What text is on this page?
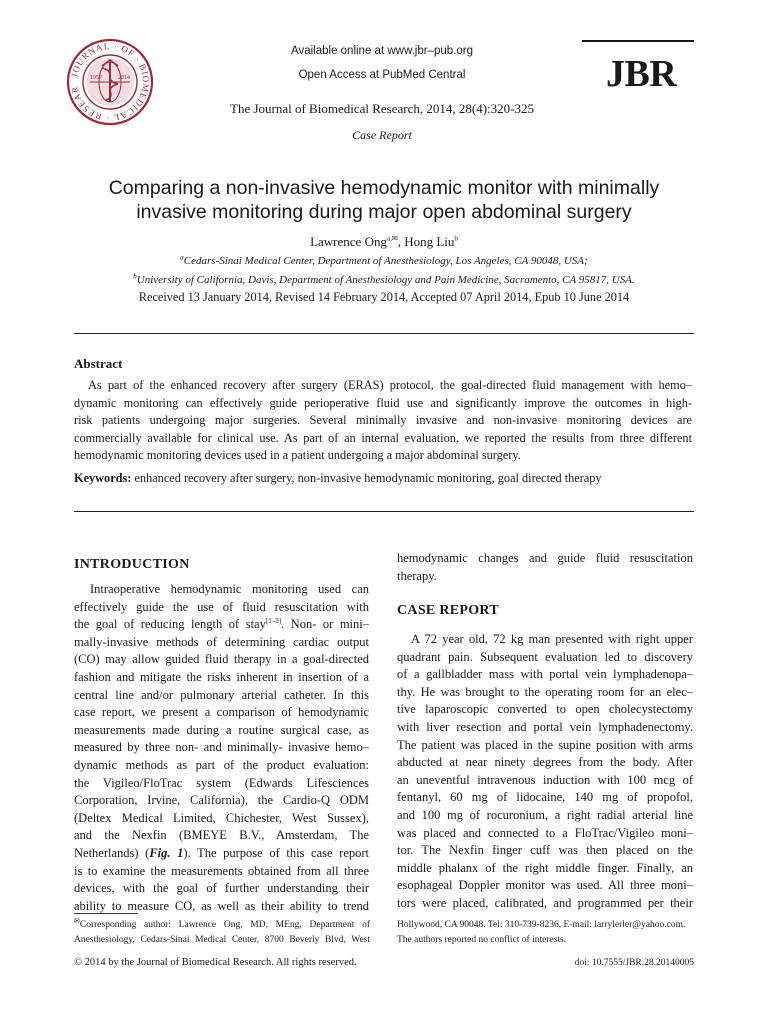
JOURNAL · OF · BIOMEDICAL · RESEAR
1957	2014
Available online at www.jbr–pub.org
Open Access at PubMed Central
The Journal of Biomedical Research, 2014, 28(4):320-325
Case Report
JBR
Comparing a non-invasive hemodynamic monitor with minimally
invasive monitoring during major open abdominal surgery
Lawrence Ong$^{a,✉}$, Hong Liu$^b$
$^a$Cedars-Sinai Medical Center, Department of Anesthesiology, Los Angeles, CA 90048, USA;
$^b$University of California, Davis, Department of Anesthesiology and Pain Medicine, Sacramento, CA 95817, USA.
Received 13 January 2014, Revised 14 February 2014, Accepted 07 April 2014, Epub 10 June 2014
Abstract
As part of the enhanced recovery after surgery (ERAS) protocol, the goal-directed fluid management with hemo–
dynamic monitoring can effectively guide perioperative fluid use and significantly improve the outcomes in high-
risk patients undergoing major surgeries. Several minimally invasive and non-invasive monitoring devices are
commercially available for clinical use. As part of an internal evaluation, we reported the results from three different
hemodynamic monitoring devices used in a patient undergoing a major abdominal surgery.
Keywords: enhanced recovery after surgery, non-invasive hemodynamic monitoring, goal directed therapy
INTRODUCTION
Intraoperative hemodynamic monitoring used can
effectively guide the use of fluid resuscitation with
the goal of reducing length of stay[1–3]. Non- or mini–
mally-invasive methods of determining cardiac output
(CO) may allow guided fluid therapy in a goal-directed
fashion and mitigate the risks inherent in insertion of a
central line and/or pulmonary arterial catheter. In this
case report, we present a comparison of hemodynamic
measurements made during a routine surgical case, as
measured by three non- and minimally- invasive hemo–
dynamic methods as part of the product evaluation:
the Vigileo/FloTrac system (Edwards Lifesciences
Corporation, Irvine, California), the Cardio-Q ODM
(Deltex Medical Limited, Chichester, West Sussex),
and the Nexfin (BMEYE B.V., Amsterdam, The
Netherlands) (Fig. 1). The purpose of this case report
is to examine the measurements obtained from all three
devices, with the goal of further understanding their
ability to measure CO, as well as their ability to trend
hemodynamic changes and guide fluid resuscitation
therapy.
CASE REPORT
A 72 year old, 72 kg man presented with right upper
quadrant pain. Subsequent evaluation led to discovery
of a gallbladder mass with portal vein lymphadenopa–
thy. He was brought to the operating room for an elec–
tive laparoscopic converted to open cholecystectomy
with liver resection and portal vein lymphadenectomy.
The patient was placed in the supine position with arms
abducted at near ninety degrees from the body. After
an uneventful intravenous induction with 100 mcg of
fentanyl, 60 mg of lidocaine, 140 mg of propofol,
and 100 mg of rocuronium, a right radial arterial line
was placed and connected to a FloTrac/Vigileo moni–
tor. The Nexfin finger cuff was then placed on the
middle phalanx of the right middle finger. Finally, an
esophageal Doppler monitor was used. All three moni–
tors were placed, calibrated, and programmed per their
✉Corresponding author: Lawrence Ong, MD, MEng, Department of
Anesthesiology, Cedars-Sinai Medical Center, 8700 Beverly Blvd, West
Hollywood, CA 90048. Tel: 310-739-8236, E-mail: larrylerler@yahoo.com.
The authors reported no conflict of interests.
© 2014 by the Journal of Biomedical Research. All rights reserved.	doi: 10.7555/JBR.28.20140005
